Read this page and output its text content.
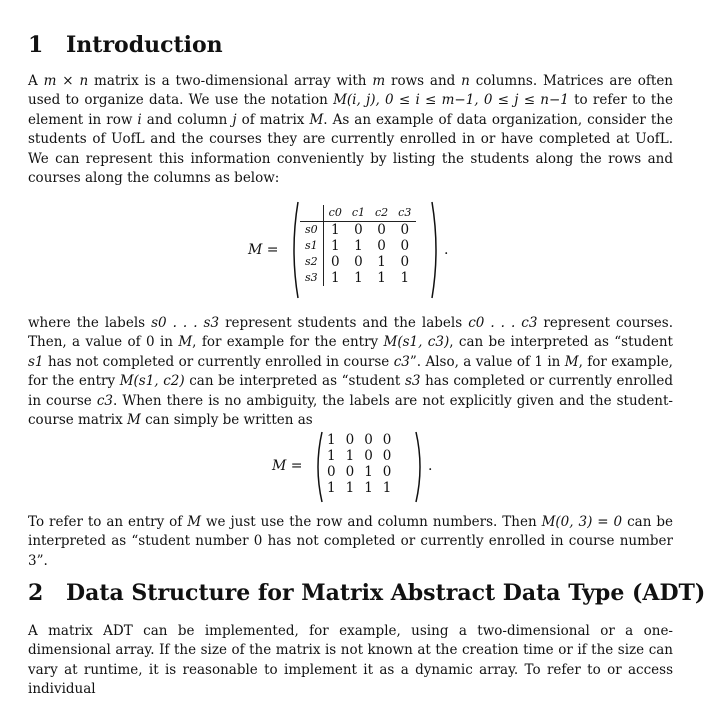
1 Introduction

A m × n matrix is a two-dimensional array with m rows and n columns. Matrices are often used to organize data. We use the notation M(i, j), 0 ≤ i ≤ m−1, 0 ≤ j ≤ n−1 to refer to the element in row i and column j of matrix M. As an example of data organization, consider the students of UofL and the courses they are currently enrolled in or have completed at UofL. We can represent this information conveniently by listing the students along the rows and courses along the columns as below:

M =
	c0	c1	c2	c3
s0	1	0	0	0
s1	1	1	0	0
s2	0	0	1	0
s3	1	1	1	1
.

where the labels s0 . . . s3 represent students and the labels c0 . . . c3 represent courses. Then, a value of 0 in M, for example for the entry M(s1, c3), can be interpreted as “student s1 has not completed or currently enrolled in course c3”. Also, a value of 1 in M, for example, for the entry M(s1, c2) can be interpreted as “student s3 has completed or currently enrolled in course c3. When there is no ambiguity, the labels are not explicitly given and the student-course matrix M can simply be written as

M =
1	0	0	0
1	1	0	0
0	0	1	0
1	1	1	1
.

To refer to an entry of M we just use the row and column numbers. Then M(0, 3) = 0 can be interpreted as “student number 0 has not completed or currently enrolled in course number 3”.

2 Data Structure for Matrix Abstract Data Type (ADT)

A matrix ADT can be implemented, for example, using a two-dimensional or a one-dimensional array. If the size of the matrix is not known at the creation time or if the size can vary at runtime, it is reasonable to implement it as a dynamic array. To refer to or access individual
